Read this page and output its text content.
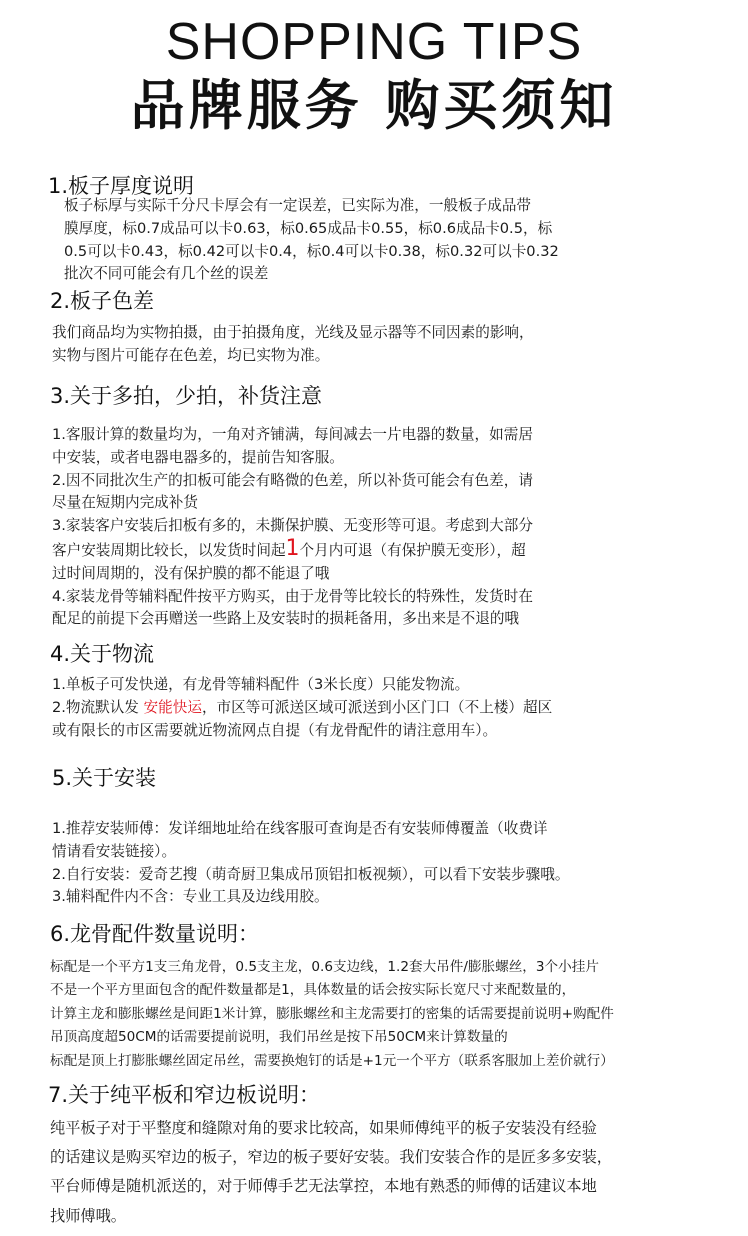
SHOPPING TIPS
品牌服务 购买须知
1.板子厚度说明
板子标厚与实际千分尺卡厚会有一定误差，已实际为准，一般板子成品带
膜厚度，标0.7成品可以卡0.63，标0.65成品卡0.55，标0.6成品卡0.5，标
0.5可以卡0.43，标0.42可以卡0.4，标0.4可以卡0.38，标0.32可以卡0.32
批次不同可能会有几个丝的误差
2.板子色差
我们商品均为实物拍摄，由于拍摄角度，光线及显示器等不同因素的影响，
实物与图片可能存在色差，均已实物为准。
3.关于多拍，少拍，补货注意
1.客服计算的数量均为，一角对齐铺满，每间减去一片电器的数量，如需居
中安装，或者电器电器多的，提前告知客服。
2.因不同批次生产的扣板可能会有略微的色差，所以补货可能会有色差，请
尽量在短期内完成补货
3.家装客户安装后扣板有多的，未撕保护膜、无变形等可退。考虑到大部分
客户安装周期比较长，以发货时间起1个月内可退（有保护膜无变形），超
过时间周期的，没有保护膜的都不能退了哦
4.家装龙骨等辅料配件按平方购买，由于龙骨等比较长的特殊性，发货时在
配足的前提下会再赠送一些路上及安装时的损耗备用，多出来是不退的哦
4.关于物流
1.单板子可发快递，有龙骨等辅料配件（3米长度）只能发物流。
2.物流默认发 安能快运，市区等可派送区域可派送到小区门口（不上楼）超区
或有限长的市区需要就近物流网点自提（有龙骨配件的请注意用车）。
5.关于安装
1.推荐安装师傅：发详细地址给在线客服可查询是否有安装师傅覆盖（收费详
情请看安装链接）。
2.自行安装：爱奇艺搜（萌奇厨卫集成吊顶铝扣板视频），可以看下安装步骤哦。
3.辅料配件内不含：专业工具及边线用胶。
6.龙骨配件数量说明：
标配是一个平方1支三角龙骨，0.5支主龙，0.6支边线，1.2套大吊件/膨胀螺丝，3个小挂片
不是一个平方里面包含的配件数量都是1，具体数量的话会按实际长宽尺寸来配数量的，
计算主龙和膨胀螺丝是间距1米计算，膨胀螺丝和主龙需要打的密集的话需要提前说明+购配件
吊顶高度超50CM的话需要提前说明，我们吊丝是按下吊50CM来计算数量的
标配是顶上打膨胀螺丝固定吊丝，需要换炮钉的话是+1元一个平方（联系客服加上差价就行）
7.关于纯平板和窄边板说明：
纯平板子对于平整度和缝隙对角的要求比较高，如果师傅纯平的板子安装没有经验
的话建议是购买窄边的板子，窄边的板子要好安装。我们安装合作的是匠多多安装，
平台师傅是随机派送的，对于师傅手艺无法掌控，本地有熟悉的师傅的话建议本地
找师傅哦。
